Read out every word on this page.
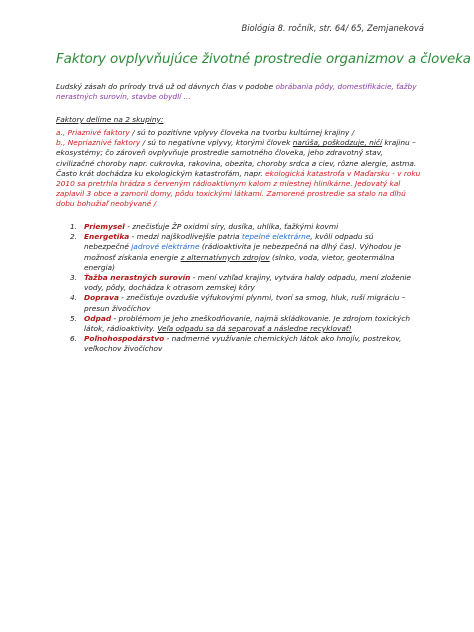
Biológia 8. ročník, str. 64/ 65, Zemjaneková
Faktory ovplyvňujúce životné prostredie organizmov a človeka
Ľudský zásah do prírody trvá už od dávnych čias v podobe obrábania pôdy, domestifikácie, ťažby nerastných surovín, stavbe obydlí ...
Faktory delíme na 2 skupiny:
a., Priaznivé faktory / sú to pozitívne vplyvy človeka na tvorbu kultúrnej krajiny /
b., Nepriaznivé faktory / sú to negatívne vplyvy, ktorými človek narúša, poškodzuje, ničí krajinu – ekosystémy; čo zároveň ovplyvňuje prostredie samotného človeka, jeho zdravotný stav, civilizačné choroby napr. cukrovka, rakovina, obezita, choroby srdca a ciev, rôzne alergie, astma. Často krát dochádza ku ekologickým katastrofám, napr. ekologická katastrofa v Maďarsku - v roku 2010 sa pretrhla hrádza s červeným rádioaktívnym kalom z miestnej hliníkárne. Jedovatý kal zaplavil 3 obce a zamoril domy, pôdu toxickými látkami. Zamorené prostredie sa stalo na dlhú dobu bohužiaľ neobývané /
1. Priemysel - znečisťuje ŽP oxidmi síry, dusíka, uhlíka, ťažkými kovmi
2. Energetika - medzi najškodlivejšie patria tepelné elektrárne, kvôli odpadu sú nebezpečné jadrové elektrárne (rádioaktivita je nebezpečná na dlhý čas). Výhodou je možnosť získania energie z alternatívnych zdrojov (slnko, voda, vietor, geotermálna energia)
3. Ťažba nerastných surovín - mení vzhľad krajiny, vytvára haldy odpadu, mení zloženie vody, pôdy, dochádza k otrasom zemskej kôry
4. Doprava - znečisťuje ovzdušie výfukovými plynmi, tvorí sa smog, hluk, ruší migráciu – presun živočíchov
5. Odpad - problémom je jeho zneškodňovanie, najmä skládkovanie. Je zdrojom toxických látok, rádioaktivity. Veľa odpadu sa dá separovať a následne recyklovať!
6. Poľnohospodárstvo - nadmerné využívanie chemických látok ako hnojív, postrekov, veľkochov živočíchov
